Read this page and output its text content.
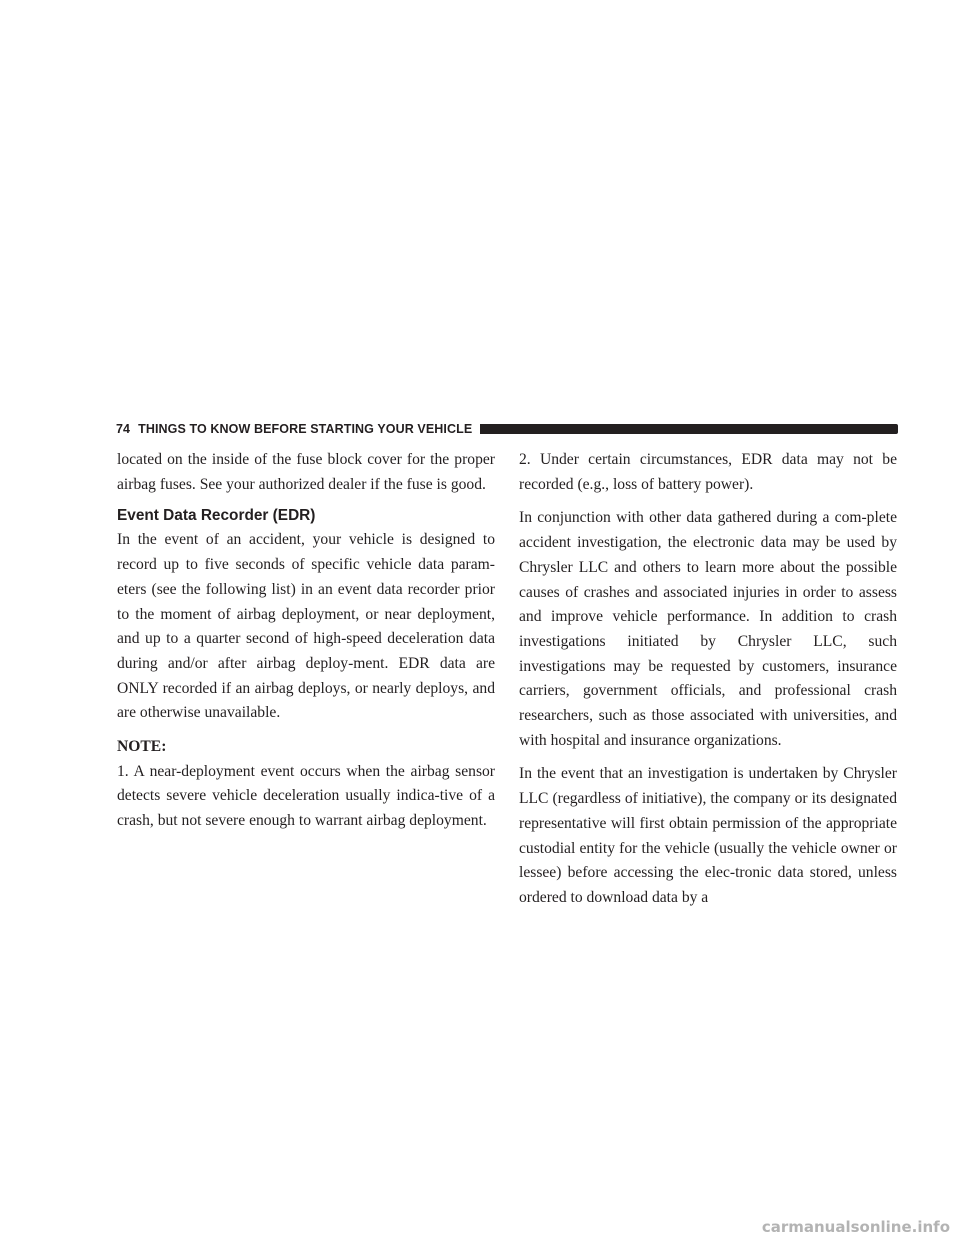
74 THINGS TO KNOW BEFORE STARTING YOUR VEHICLE

located on the inside of the fuse block cover for the proper airbag fuses. See your authorized dealer if the fuse is good.

Event Data Recorder (EDR)

In the event of an accident, your vehicle is designed to record up to five seconds of specific vehicle data param-eters (see the following list) in an event data recorder prior to the moment of airbag deployment, or near deployment, and up to a quarter second of high-speed deceleration data during and/or after airbag deploy-ment. EDR data are ONLY recorded if an airbag deploys, or nearly deploys, and are otherwise unavailable.

NOTE:

1. A near-deployment event occurs when the airbag sensor detects severe vehicle deceleration usually indica-tive of a crash, but not severe enough to warrant airbag deployment.

2. Under certain circumstances, EDR data may not be recorded (e.g., loss of battery power).

In conjunction with other data gathered during a com-plete accident investigation, the electronic data may be used by Chrysler LLC and others to learn more about the possible causes of crashes and associated injuries in order to assess and improve vehicle performance. In addition to crash investigations initiated by Chrysler LLC, such investigations may be requested by customers, insurance carriers, government officials, and professional crash researchers, such as those associated with universities, and with hospital and insurance organizations.

In the event that an investigation is undertaken by Chrysler LLC (regardless of initiative), the company or its designated representative will first obtain permission of the appropriate custodial entity for the vehicle (usually the vehicle owner or lessee) before accessing the elec-tronic data stored, unless ordered to download data by a

carmanualsonline.info
